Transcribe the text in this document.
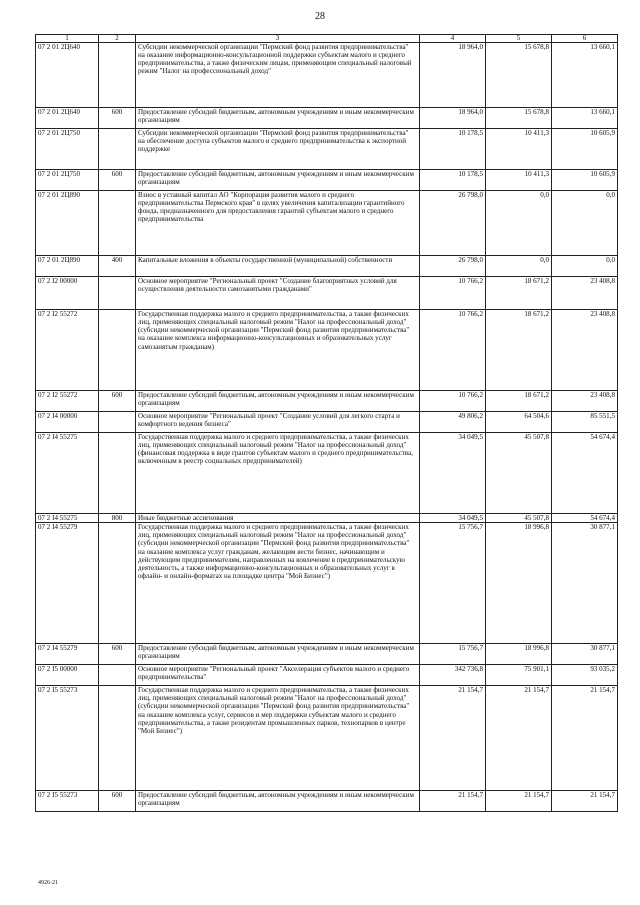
28
1	2	3	4	5	6
07 2 01 2Ц640		Субсидии некоммерческой организации "Пермский фонд развития предпринимательства" на оказание информационно-консультационной поддержки субъектам малого и среднего предпринимательства, а также физическим лицам, применяющим специальный налоговый режим "Налог на профессиональный доход"	18 964,0	15 678,8	13 660,1
07 2 01 2Ц640	600	Предоставление субсидий бюджетным, автономным учреждениям и иным некоммерческим организациям	18 964,0	15 678,8	13 660,1
07 2 01 2Ц750		Субсидии некоммерческой организации "Пермский фонд развития предпринимательства" на обеспечение доступа субъектов малого и среднего предпринимательства к экспортной поддержке	10 178,5	10 411,3	10 605,9
07 2 01 2Ц750	600	Предоставление субсидий бюджетным, автономным учреждениям и иным некоммерческим организациям	10 178,5	10 411,3	10 605,9
07 2 01 2Ц890		Взнос в уставный капитал АО "Корпорация развития малого и среднего предпринимательства Пермского края" в целях увеличения капитализации гарантийного фонда, предназначенного для предоставления гарантий субъектам малого и среднего предпринимательства	26 798,0	0,0	0,0
07 2 01 2Ц890	400	Капитальные вложения в объекты государственной (муниципальной) собственности	26 798,0	0,0	0,0
07 2 I2 00000		Основное мероприятие "Региональный проект "Создание благоприятных условий для осуществления деятельности самозанятыми гражданами"	10 766,2	18 671,2	23 408,8
07 2 I2 55272		Государственная поддержка малого и среднего предпринимательства, а также физических лиц, применяющих специальный налоговый режим "Налог на профессиональный доход" (субсидии некоммерческой организации "Пермский фонд развития предпринимательства" на оказание комплекса информационно-консультационных и образовательных услуг самозанятым гражданам)	10 766,2	18 671,2	23 408,8
07 2 I2 55272	600	Предоставление субсидий бюджетным, автономным учреждениям и иным некоммерческим организациям	10 766,2	18 671,2	23 408,8
07 2 I4 00000		Основное мероприятие "Региональный проект "Создание условий для легкого старта и комфортного ведения бизнеса"	49 806,2	64 504,6	85 551,5
07 2 I4 55275		Государственная поддержка малого и среднего предпринимательства, а также физических лиц, применяющих специальный налоговый режим "Налог на профессиональный доход" (финансовая поддержка в виде грантов субъектам малого и среднего предпринимательства, включенным в реестр социальных предпринимателей)	34 049,5	45 507,8	54 674,4
07 2 I4 55275	800	Иные бюджетные ассигнования	34 049,5	45 507,8	54 674,4
07 2 I4 55279		Государственная поддержка малого и среднего предпринимательства, а также физических лиц, применяющих специальный налоговый режим "Налог на профессиональный доход" (субсидии некоммерческой организации "Пермский фонд развития предпринимательства" на оказание комплекса услуг гражданам, желающим вести бизнес, начинающим и действующим предпринимателям, направленных на вовлечение в предпринимательскую деятельность, а также информационно-консультационных и образовательных услуг в офлайн- и онлайн-форматах на площадке центра "Мой Бизнес")	15 756,7	18 996,8	30 877,1
07 2 I4 55279	600	Предоставление субсидий бюджетным, автономным учреждениям и иным некоммерческим организациям	15 756,7	18 996,8	30 877,1
07 2 I5 00000		Основное мероприятие "Региональный проект "Акселерация субъектов малого и среднего предпринимательства"	342 736,8	75 901,1	93 035,2
07 2 I5 55273		Государственная поддержка малого и среднего предпринимательства, а также физических лиц, применяющих специальный налоговый режим "Налог на профессиональный доход" (субсидии некоммерческой организации "Пермский фонд развития предпринимательства" на оказание комплекса услуг, сервисов и мер поддержки субъектам малого и среднего предпринимательства, а также резидентам промышленных парков, технопарков в центре "Мой Бизнес")	21 154,7	21 154,7	21 154,7
07 2 I5 55273	600	Предоставление субсидий бюджетным, автономным учреждениям и иным некоммерческим организациям	21 154,7	21 154,7	21 154,7
4926-21
